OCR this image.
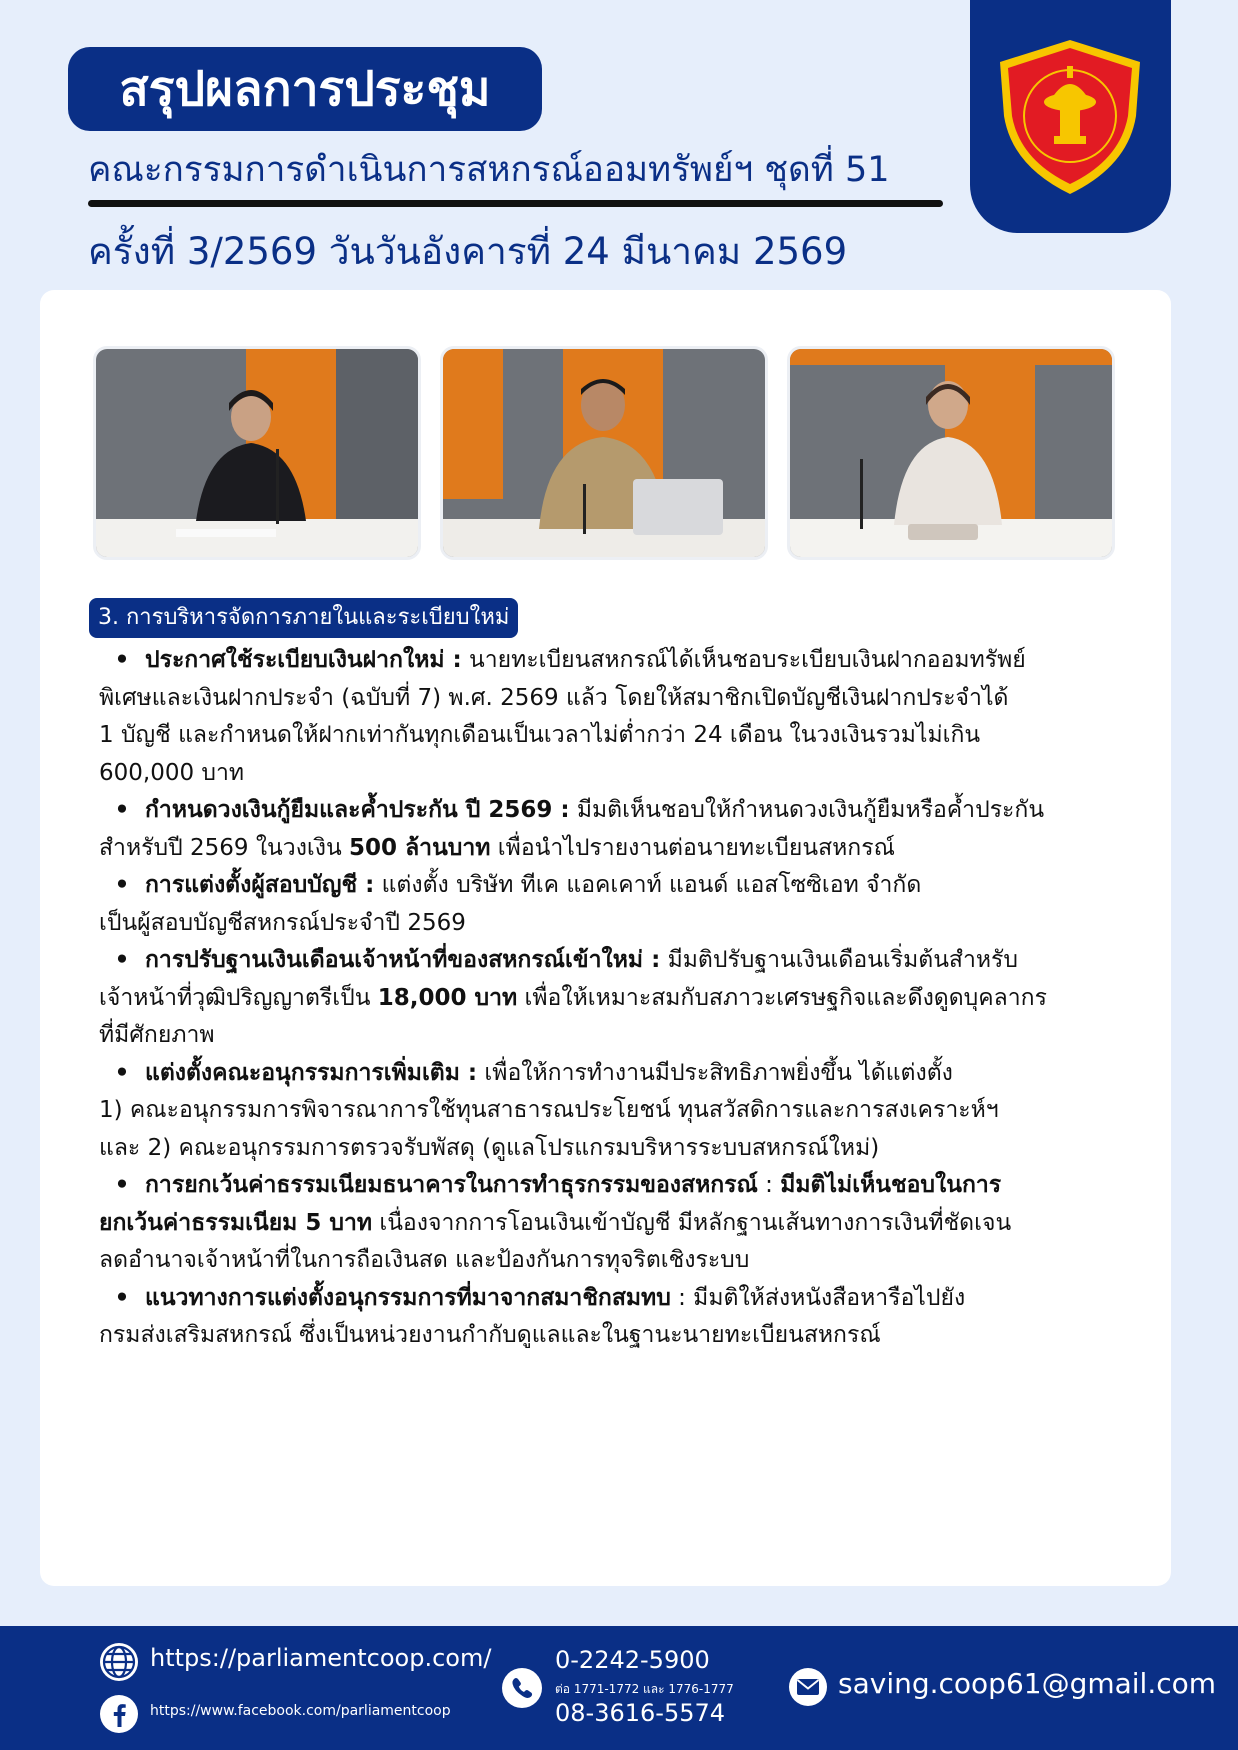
สรุปผลการประชุม
คณะกรรมการดำเนินการสหกรณ์ออมทรัพย์ฯ ชุดที่ 51
ครั้งที่ 3/2569 วันวันอังคารที่ 24 มีนาคม 2569
3. การบริหารจัดการภายในและระเบียบใหม่

• ประกาศใช้ระเบียบเงินฝากใหม่ : นายทะเบียนสหกรณ์ได้เห็นชอบระเบียบเงินฝากออมทรัพย์

พิเศษและเงินฝากประจำ (ฉบับที่ 7) พ.ศ. 2569 แล้ว โดยให้สมาชิกเปิดบัญชีเงินฝากประจำได้

1 บัญชี และกำหนดให้ฝากเท่ากันทุกเดือนเป็นเวลาไม่ต่ำกว่า 24 เดือน ในวงเงินรวมไม่เกิน

600,000 บาท

• กำหนดวงเงินกู้ยืมและค้ำประกัน ปี 2569 : มีมติเห็นชอบให้กำหนดวงเงินกู้ยืมหรือค้ำประกัน

สำหรับปี 2569 ในวงเงิน 500 ล้านบาท เพื่อนำไปรายงานต่อนายทะเบียนสหกรณ์

• การแต่งตั้งผู้สอบบัญชี : แต่งตั้ง บริษัท ทีเค แอคเคาท์ แอนด์ แอสโซซิเอท จำกัด

เป็นผู้สอบบัญชีสหกรณ์ประจำปี 2569

• การปรับฐานเงินเดือนเจ้าหน้าที่ของสหกรณ์เข้าใหม่ : มีมติปรับฐานเงินเดือนเริ่มต้นสำหรับ

เจ้าหน้าที่วุฒิปริญญาตรีเป็น 18,000 บาท เพื่อให้เหมาะสมกับสภาวะเศรษฐกิจและดึงดูดบุคลากร

ที่มีศักยภาพ

• แต่งตั้งคณะอนุกรรมการเพิ่มเติม : เพื่อให้การทำงานมีประสิทธิภาพยิ่งขึ้น ได้แต่งตั้ง

1) คณะอนุกรรมการพิจารณาการใช้ทุนสาธารณประโยชน์ ทุนสวัสดิการและการสงเคราะห์ฯ

และ 2) คณะอนุกรรมการตรวจรับพัสดุ (ดูแลโปรแกรมบริหารระบบสหกรณ์ใหม่)

• การยกเว้นค่าธรรมเนียมธนาคารในการทำธุรกรรมของสหกรณ์ : มีมติไม่เห็นชอบในการ

ยกเว้นค่าธรรมเนียม 5 บาท เนื่องจากการโอนเงินเข้าบัญชี มีหลักฐานเส้นทางการเงินที่ชัดเจน

ลดอำนาจเจ้าหน้าที่ในการถือเงินสด และป้องกันการทุจริตเชิงระบบ

• แนวทางการแต่งตั้งอนุกรรมการที่มาจากสมาชิกสมทบ : มีมติให้ส่งหนังสือหารือไปยัง

กรมส่งเสริมสหกรณ์ ซึ่งเป็นหน่วยงานกำกับดูแลและในฐานะนายทะเบียนสหกรณ์

https://parliamentcoop.com/
https://www.facebook.com/parliamentcoop
0-2242-5900
ต่อ 1771-1772 และ 1776-1777
08-3616-5574
saving.coop61@gmail.com
